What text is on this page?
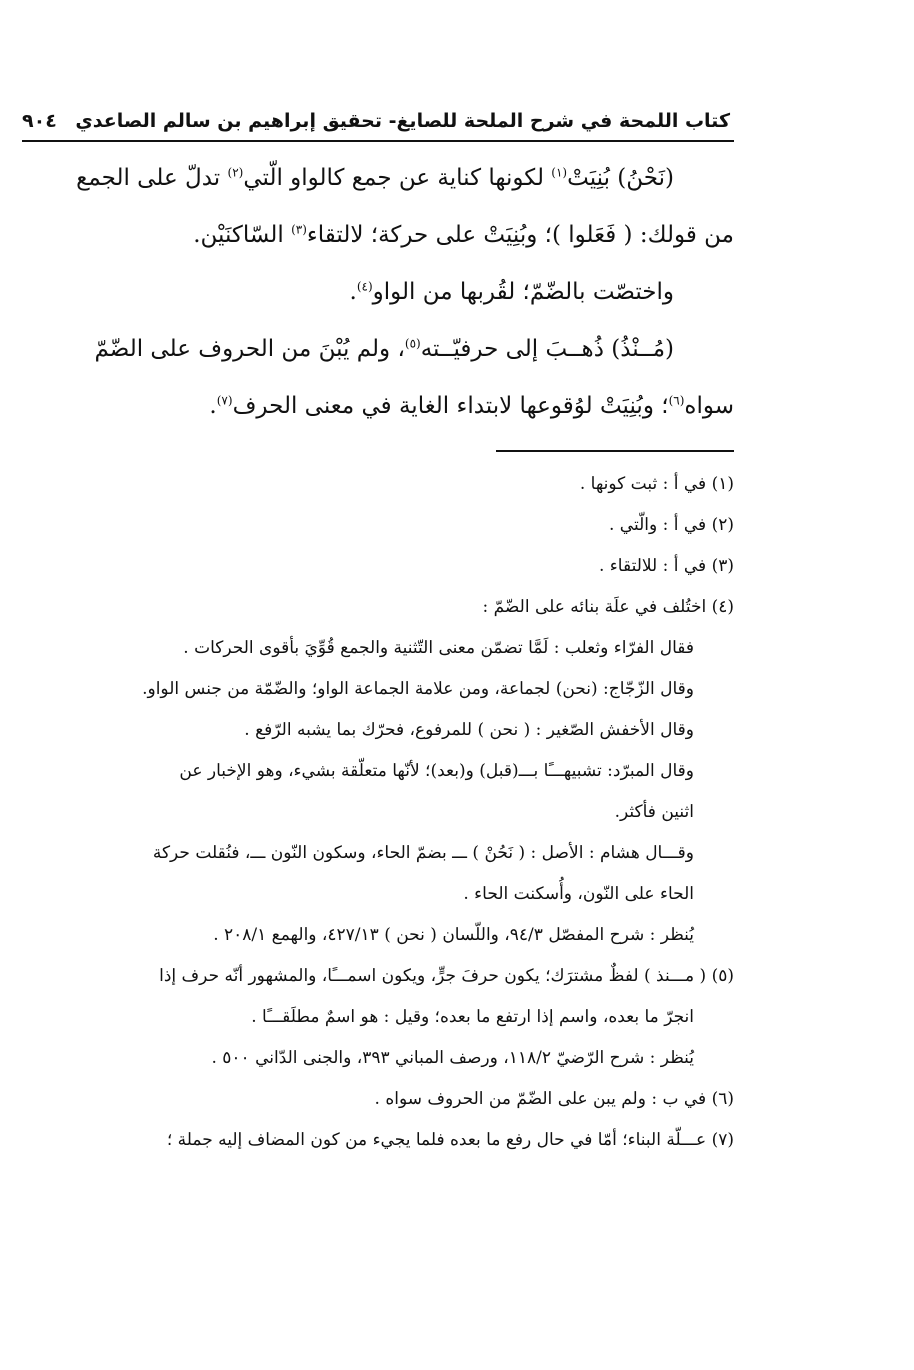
كتاب اللمحة في شرح الملحة للصايغ- تحقيق إبراهيم بن سالم الصاعدي
٩٠٤

(نَحْنُ) بُنِيَتْ$^{(١)}$ لكونها كناية عن جمع كالواو الّتي$^{(٢)}$ تدلّ على الجمع

من قولك: ( فَعَلوا )؛ وبُنِيَتْ على حركة؛ لالتقاء$^{(٣)}$ السّاكنَيْن.

واختصّت بالضّمّ؛ لقُربها من الواو$^{(٤)}$.

(مُــنْذُ) ذُهــبَ إلى حرفيّــته$^{(٥)}$، ولم يُبْنَ من الحروف على الضّمّ

سواه$^{(٦)}$؛ وبُنِيَتْ لوُقوعها لابتداء الغاية في معنى الحرف$^{(٧)}$.

(١) في أ : ثبت كونها .

(٢) في أ : والّتي .

(٣) في أ : للالتقاء .

(٤) اختُلف في علَة بنائه على الضّمّ :

فقال الفرّاء وثعلب : لَمَّا تضمّن معنى التّثنية والجمع قُوِّيَ بأقوى الحركات .

وقال الزّجّاج: (نحن) لجماعة، ومن علامة الجماعة الواو؛ والضّمّة من جنس الواو.

وقال الأخفش الصّغير : ( نحن ) للمرفوع، فحرّك بما يشبه الرّفع .

وقال المبرّد: تشبيهـــًا بـــ(قبل) و(بعد)؛ لأنّها متعلّقة بشيء، وهو الإخبار عن

اثنين فأكثر.

وقـــال هشام : الأصل : ( نَحُنْ ) ـــ بضمّ الحاء، وسكون النّون ـــ، فنُقلت حركة

الحاء على النّون، وأُسكنت الحاء .

يُنظر : شرح المفصّل ٩٤/٣، واللّسان ( نحن ) ٤٢٧/١٣، والهمع ٢٠٨/١ .

(٥) ( مـــنذ ) لفظٌ مشترَك؛ يكون حرفَ جرٍّ، ويكون اسمـــًا، والمشهور أنّه حرف إذا

انجرّ ما بعده، واسم إذا ارتفع ما بعده؛ وقيل : هو اسمٌ مطلَقـــًا .

يُنظر : شرح الرّضيّ ١١٨/٢، ورصف المباني ٣٩٣، والجنى الدّاني ٥٠٠ .

(٦) في ب : ولم يبن على الضّمّ من الحروف سواه .

(٧) عـــلّة البناء؛ أمّا في حال رفع ما بعده فلما يجيء من كون المضاف إليه جملة ؛
